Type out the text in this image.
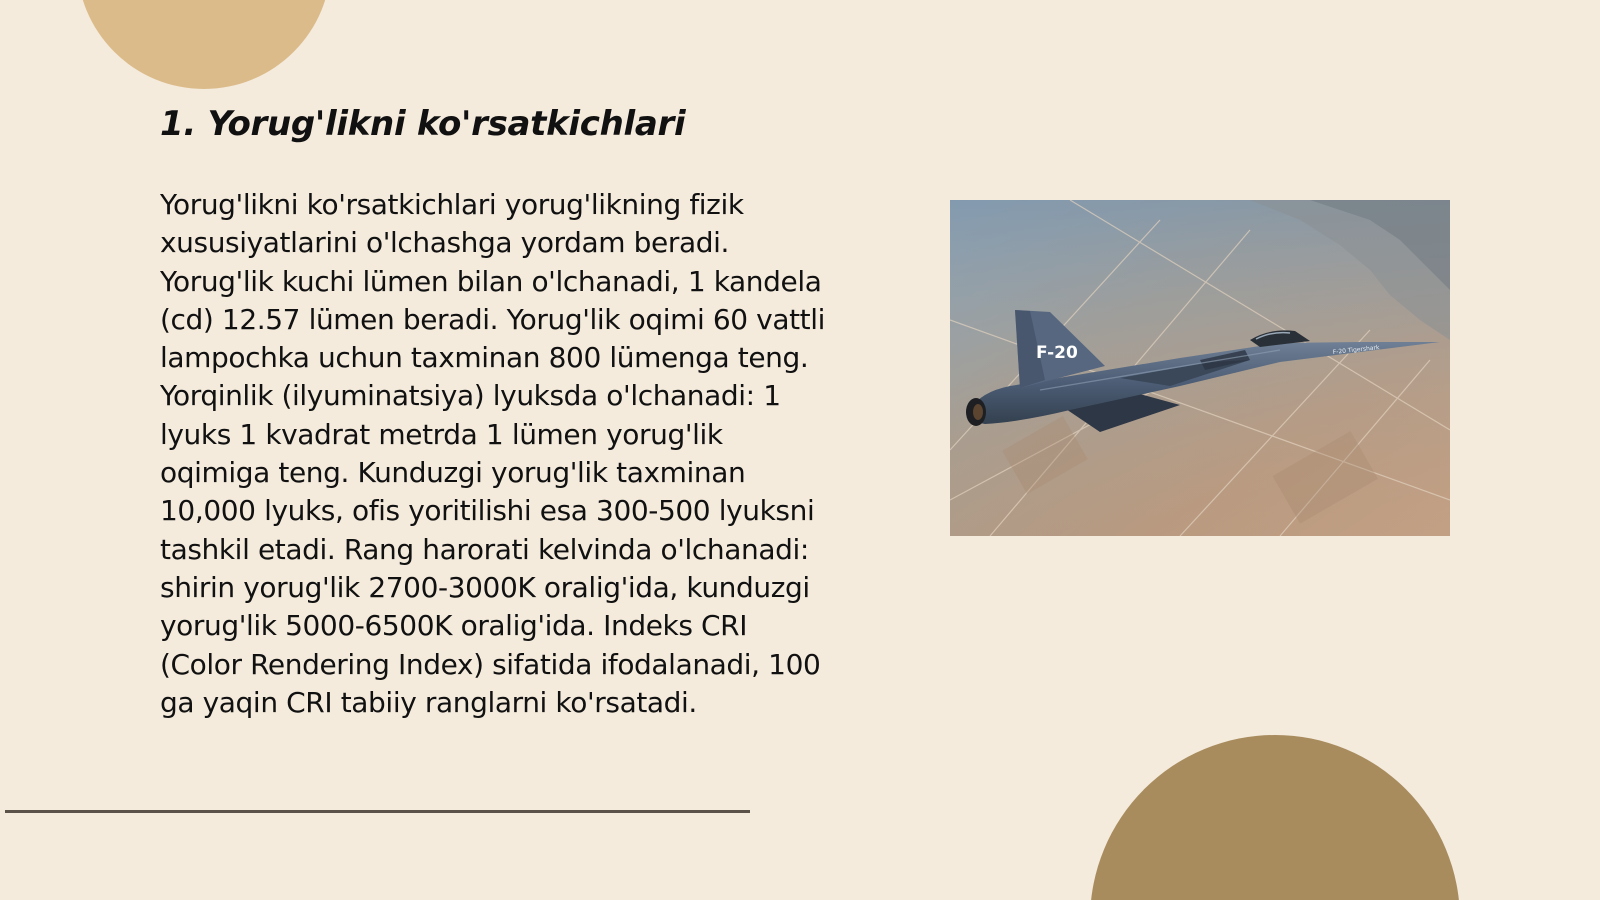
1. Yorug'likni ko'rsatkichlari

Yorug'likni ko'rsatkichlari yorug'likning fizik xususiyatlarini o'lchashga yordam beradi. Yorug'lik kuchi lümen bilan o'lchanadi, 1 kandela (cd) 12.57 lümen beradi. Yorug'lik oqimi 60 vattli lampochka uchun taxminan 800 lümenga teng. Yorqinlik (ilyuminatsiya) lyuksda o'lchanadi: 1 lyuks 1 kvadrat metrda 1 lümen yorug'lik oqimiga teng. Kunduzgi yorug'lik taxminan 10,000 lyuks, ofis yoritilishi esa 300-500 lyuksni tashkil etadi. Rang harorati kelvinda o'lchanadi: shirin yorug'lik 2700-3000K oralig'ida, kunduzgi yorug'lik 5000-6500K oralig'ida. Indeks CRI (Color Rendering Index) sifatida ifodalanadi, 100 ga yaqin CRI tabiiy ranglarni ko'rsatadi.

F-20	F-20 Tigershark
